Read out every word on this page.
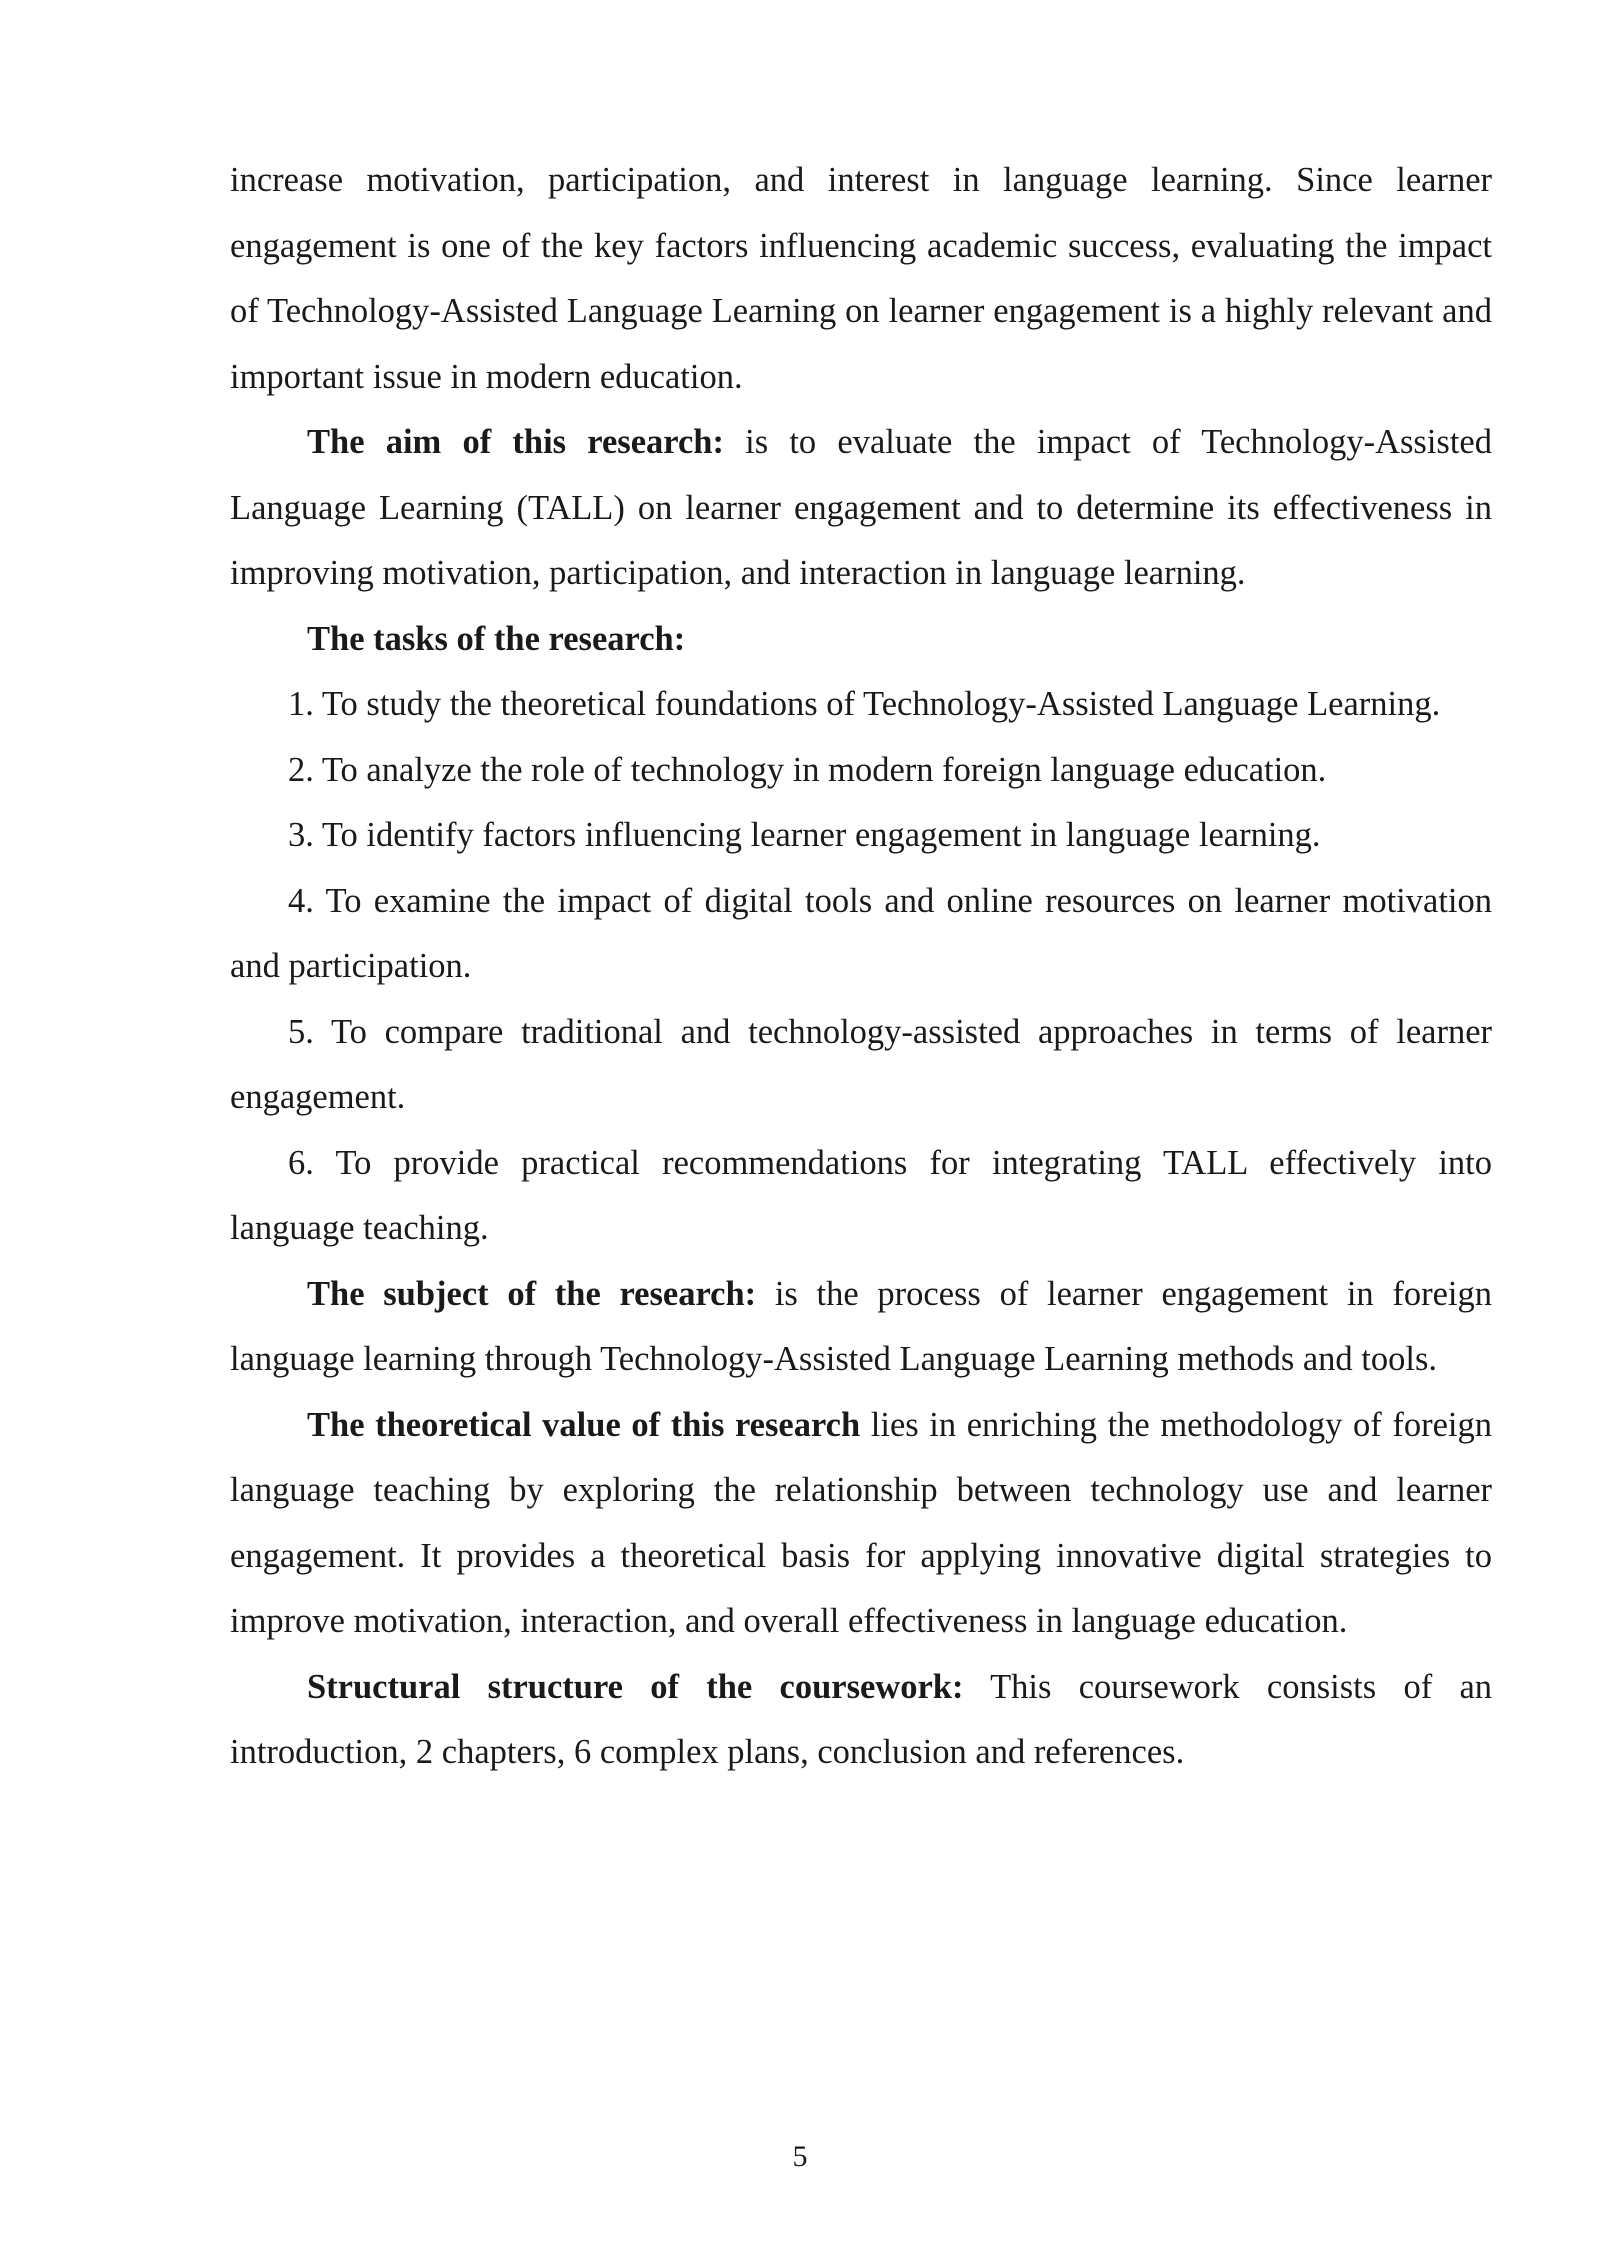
increase motivation, participation, and interest in language learning. Since learner engagement is one of the key factors influencing academic success, evaluating the impact of Technology-Assisted Language Learning on learner engagement is a highly relevant and important issue in modern education.

The aim of this research: is to evaluate the impact of Technology-Assisted Language Learning (TALL) on learner engagement and to determine its effectiveness in improving motivation, participation, and interaction in language learning.

The tasks of the research:

1. To study the theoretical foundations of Technology-Assisted Language Learning.

2. To analyze the role of technology in modern foreign language education.

3. To identify factors influencing learner engagement in language learning.

4. To examine the impact of digital tools and online resources on learner motivation and participation.

5. To compare traditional and technology-assisted approaches in terms of learner engagement.

6. To provide practical recommendations for integrating TALL effectively into language teaching.

The subject of the research: is the process of learner engagement in foreign language learning through Technology-Assisted Language Learning methods and tools.

The theoretical value of this research lies in enriching the methodology of foreign language teaching by exploring the relationship between technology use and learner engagement. It provides a theoretical basis for applying innovative digital strategies to improve motivation, interaction, and overall effectiveness in language education.

Structural structure of the coursework: This coursework consists of an introduction, 2 chapters, 6 complex plans, conclusion and references.

5
